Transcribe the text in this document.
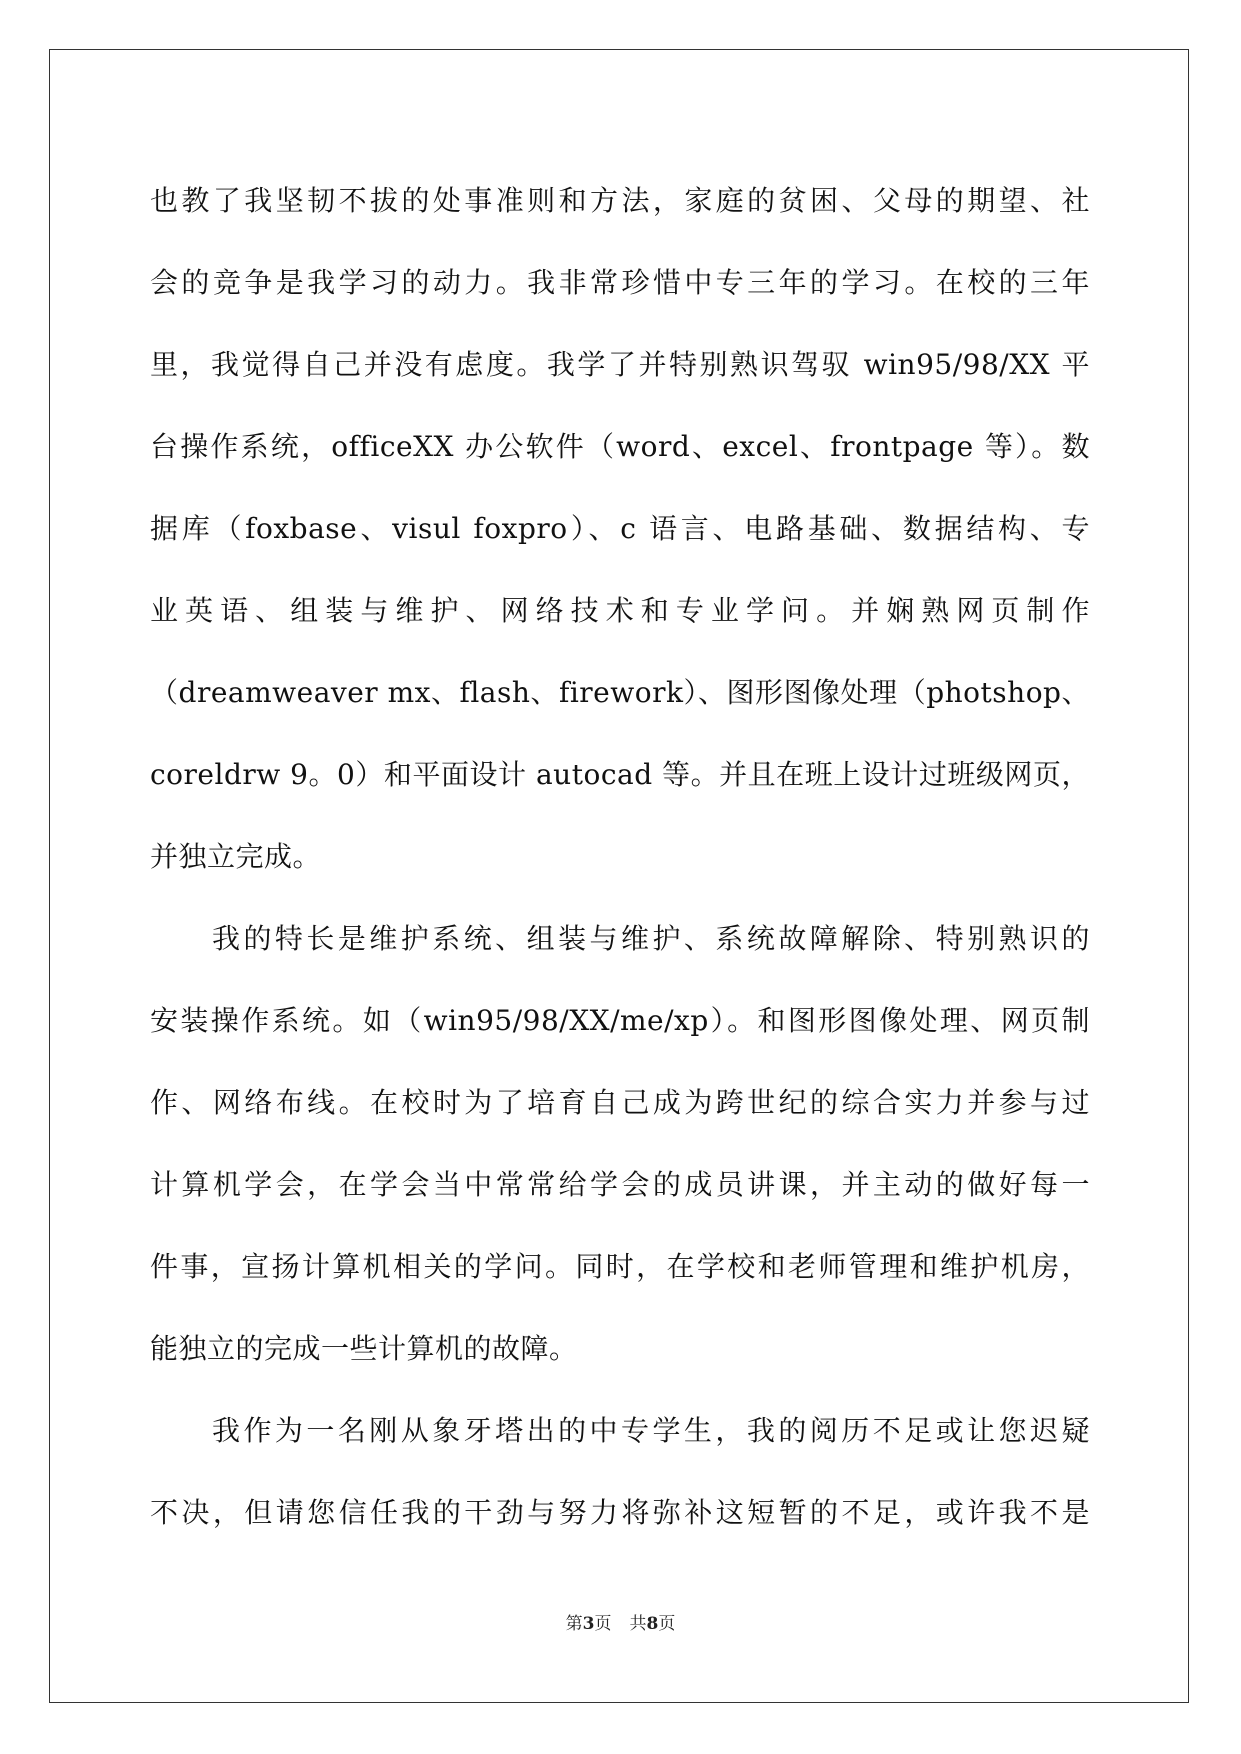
也教了我坚韧不拔的处事准则和方法，家庭的贫困、父母的期望、社
会的竞争是我学习的动力。我非常珍惜中专三年的学习。在校的三年
里，我觉得自己并没有虑度。我学了并特别熟识驾驭 win95/98/XX 平
台操作系统，officeXX 办公软件（word、excel、frontpage 等）。数
据库（foxbase、visul foxpro）、c 语言、电路基础、数据结构、专
业英语、组装与维护、网络技术和专业学问。并娴熟网页制作
（dreamweaver mx、flash、firework）、图形图像处理（photshop、
coreldrw 9。0）和平面设计 autocad 等。并且在班上设计过班级网页，
并独立完成。
我的特长是维护系统、组装与维护、系统故障解除、特别熟识的
安装操作系统。如（win95/98/XX/me/xp）。和图形图像处理、网页制
作、网络布线。在校时为了培育自己成为跨世纪的综合实力并参与过
计算机学会，在学会当中常常给学会的成员讲课，并主动的做好每一
件事，宣扬计算机相关的学问。同时，在学校和老师管理和维护机房，
能独立的完成一些计算机的故障。
我作为一名刚从象牙塔出的中专学生，我的阅历不足或让您迟疑
不决，但请您信任我的干劲与努力将弥补这短暂的不足，或许我不是
第3页 共8页
